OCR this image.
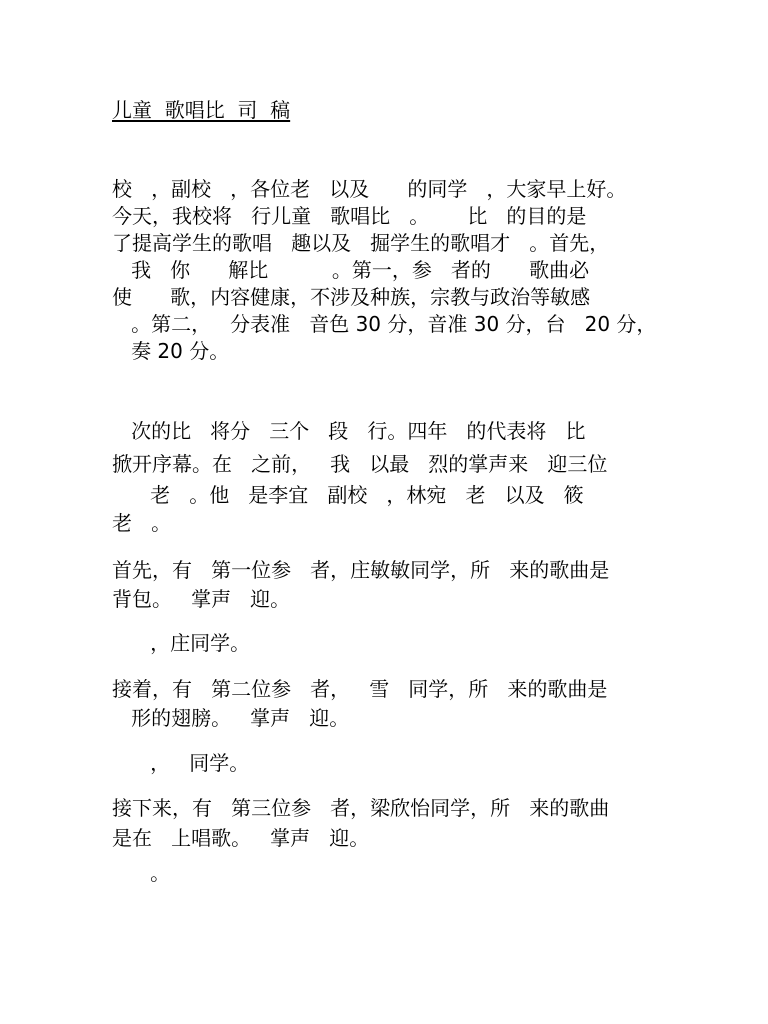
儿童  歌唱比  司  稿
校   ，副校   ，各位老   以及      的同学   ，大家早上好。
今天，我校将   行儿童   歌唱比   。      比   的目的是
了提高学生的歌唱   趣以及   掘学生的歌唱才   。首先，
我   你      解比          。第一，参   者的      歌曲必
使      歌，内容健康，不涉及种族，宗教与政治等敏感
。第二，   分表准   音色 30 分，音准 30 分，台   20 分，
奏 20 分。
次的比   将分   三个   段   行。四年   的代表将   比
掀开序幕。在   之前，   我   以最   烈的掌声来   迎三位
老   。他   是李宜   副校   ，林宛   老   以及   筱
老   。
首先，有   第一位参   者，庄敏敏同学，所   来的歌曲是
背包。   掌声   迎。
，庄同学。
接着，有   第二位参   者，   雪   同学，所   来的歌曲是
形的翅膀。   掌声   迎。
，   同学。
接下来，有   第三位参   者，梁欣怡同学，所   来的歌曲
是在   上唱歌。   掌声   迎。
。
